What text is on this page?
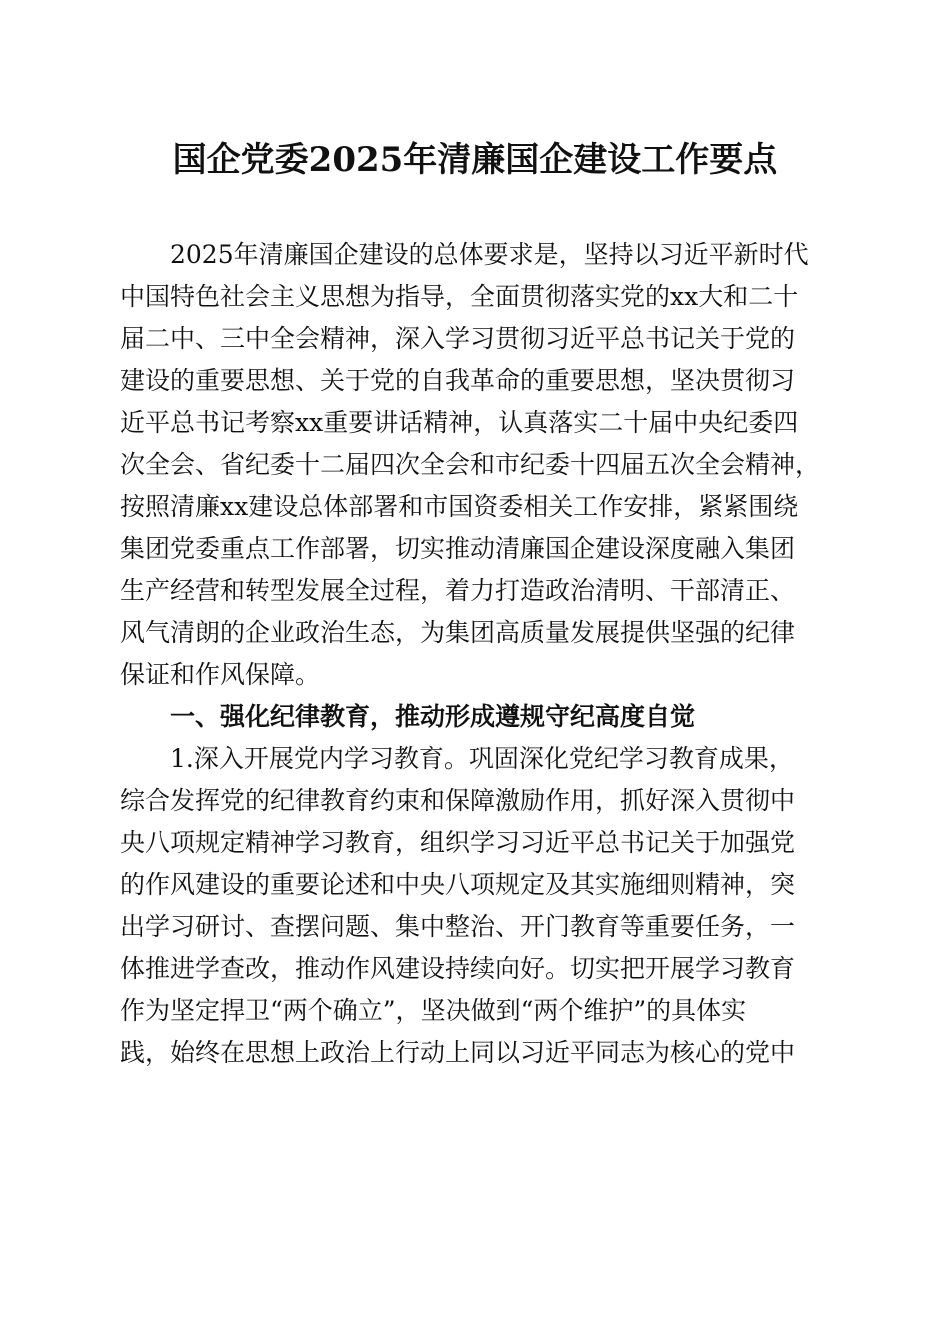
国企党委2025年清廉国企建设工作要点
2025年清廉国企建设的总体要求是，坚持以习近平新时代
中国特色社会主义思想为指导，全面贯彻落实党的xx大和二十
届二中、三中全会精神，深入学习贯彻习近平总书记关于党的
建设的重要思想、关于党的自我革命的重要思想，坚决贯彻习
近平总书记考察xx重要讲话精神，认真落实二十届中央纪委四
次全会、省纪委十二届四次全会和市纪委十四届五次全会精神，
按照清廉xx建设总体部署和市国资委相关工作安排，紧紧围绕
集团党委重点工作部署，切实推动清廉国企建设深度融入集团
生产经营和转型发展全过程，着力打造政治清明、干部清正、
风气清朗的企业政治生态，为集团高质量发展提供坚强的纪律
保证和作风保障。
一、强化纪律教育，推动形成遵规守纪高度自觉
1.深入开展党内学习教育。巩固深化党纪学习教育成果，
综合发挥党的纪律教育约束和保障激励作用，抓好深入贯彻中
央八项规定精神学习教育，组织学习习近平总书记关于加强党
的作风建设的重要论述和中央八项规定及其实施细则精神，突
出学习研讨、查摆问题、集中整治、开门教育等重要任务，一
体推进学查改，推动作风建设持续向好。切实把开展学习教育
作为坚定捍卫“两个确立”，坚决做到“两个维护”的具体实
践，始终在思想上政治上行动上同以习近平同志为核心的党中
